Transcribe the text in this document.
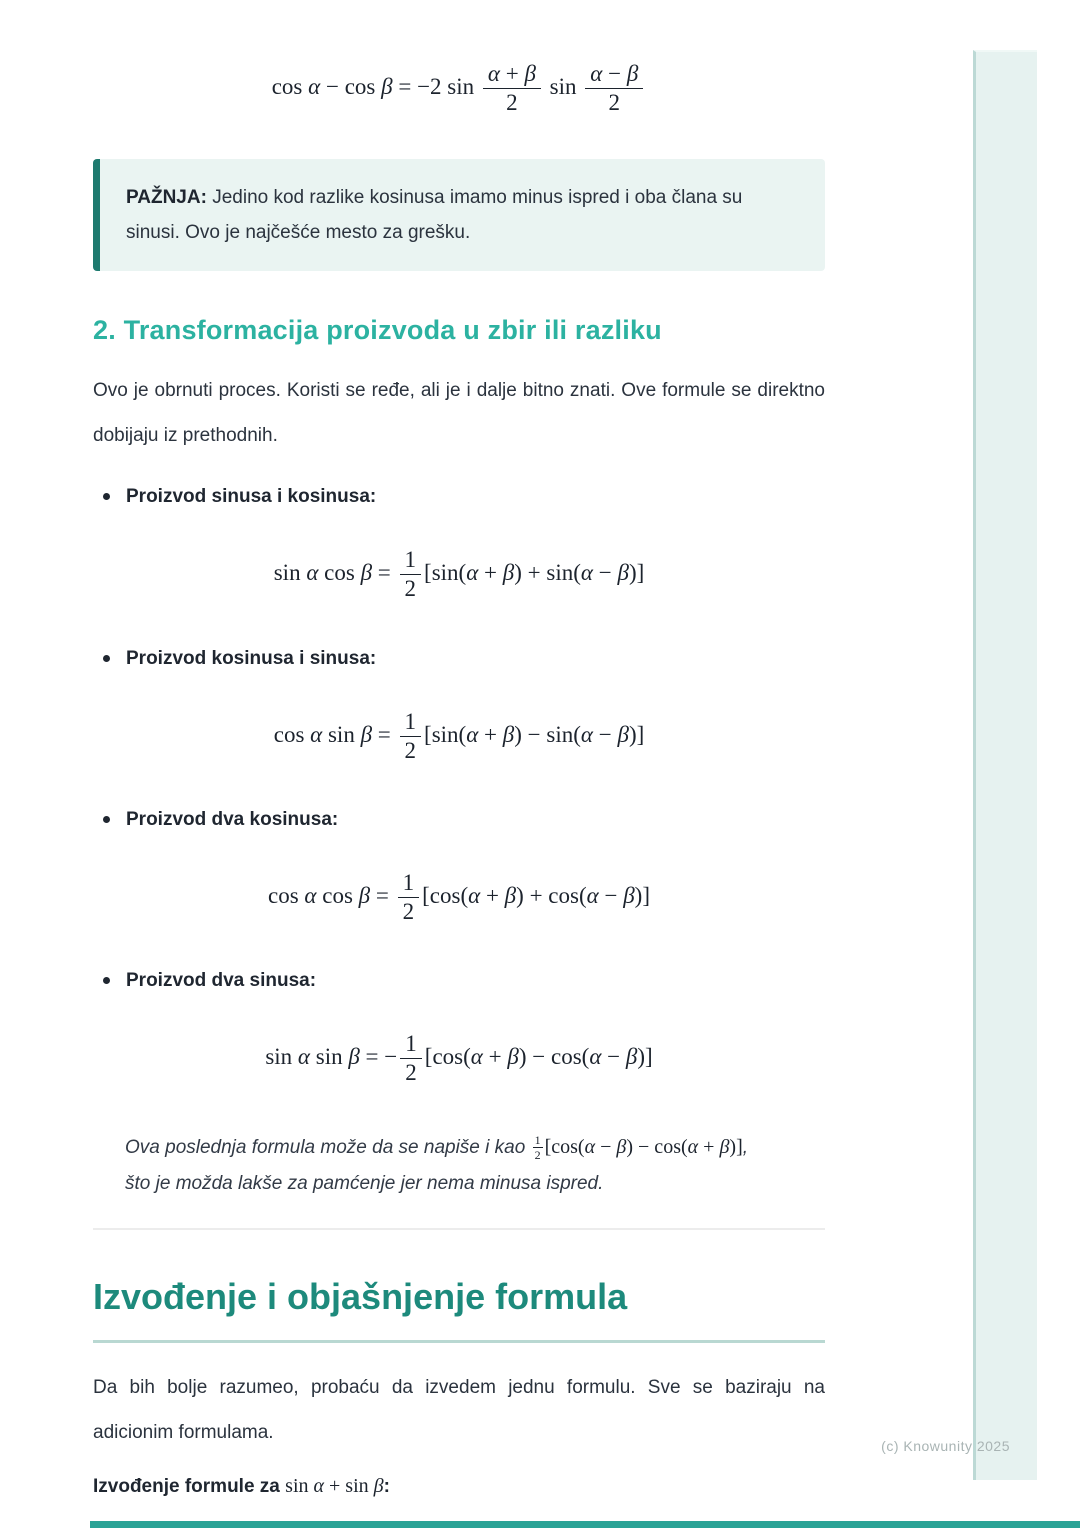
cos α − cos β = −2 $\sin \frac{\alpha + \beta}{2}$ $\sin \frac{\alpha - \beta}{2}$
PAŽNJA: Jedino kod razlike kosinusa imamo minus ispred i oba člana su sinusi. Ovo je najčešće mesto za grešku.
2. Transformacija proizvoda u zbir ili razliku
Ovo je obrnuti proces. Koristi se ređe, ali je i dalje bitno znati. Ove formule se direktno dobijaju iz prethodnih.
Proizvod sinusa i kosinusa:
sin α $\cos \beta = \frac{1}{2} [\sin(\alpha + \beta) + \sin(\alpha - \beta)]$
Proizvod kosinusa i sinusa:
cos α $\sin \beta = \frac{1}{2} [\sin(\alpha + \beta) - \sin(\alpha - \beta)]$
Proizvod dva kosinusa:
cos α $\cos \beta = \frac{1}{2} [\cos(\alpha + \beta) + \cos(\alpha - \beta)]$
Proizvod dva sinusa:
sin α sin β = − $\frac{1}{2} [\cos(\alpha + \beta) - \cos(\alpha - \beta)]$
Ova poslednja formula može da se napiše i kao $\frac{1}{2} [\cos(\alpha - \beta) - \cos(\alpha + \beta)]$,
što je možda lakše za pamćenje jer nema minusa ispred.
Izvođenje i objašnjenje formula
Da bih bolje razumeo, probaću da izvedem jednu formulu. Sve se baziraju na adicionim formulama.
Izvođenje formule za sin α + sin β:
(c) Knowunity 2025
